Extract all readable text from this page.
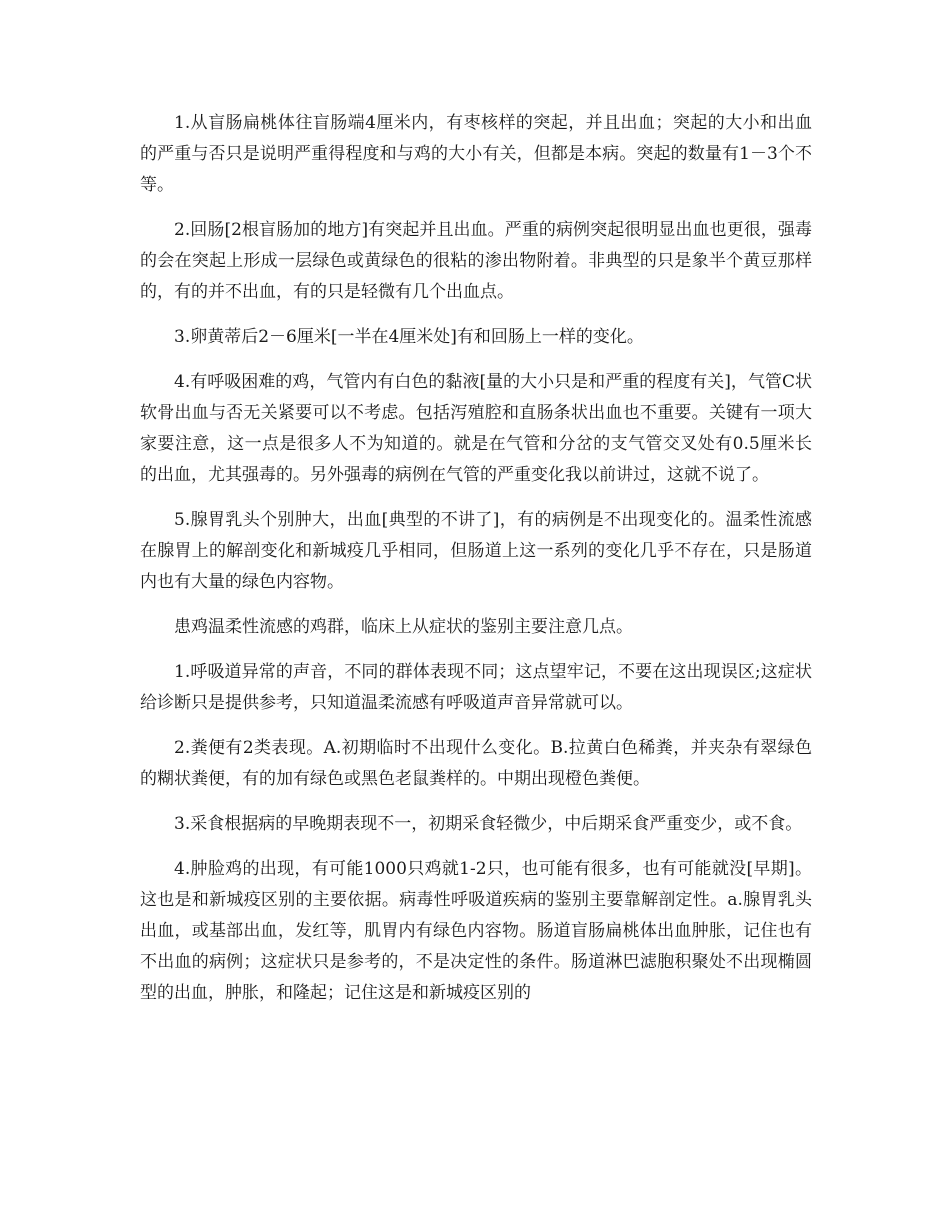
1.从盲肠扁桃体往盲肠端4厘米内，有枣核样的突起，并且出血；突起的大小和出血的严重与否只是说明严重得程度和与鸡的大小有关，但都是本病。突起的数量有1－3个不等。

2.回肠[2根盲肠加的地方]有突起并且出血。严重的病例突起很明显出血也更很，强毒的会在突起上形成一层绿色或黄绿色的很粘的渗出物附着。非典型的只是象半个黄豆那样的，有的并不出血，有的只是轻微有几个出血点。

3.卵黄蒂后2－6厘米[一半在4厘米处]有和回肠上一样的变化。

4.有呼吸困难的鸡，气管内有白色的黏液[量的大小只是和严重的程度有关]，气管C状软骨出血与否无关紧要可以不考虑。包括泻殖腔和直肠条状出血也不重要。关键有一项大家要注意，这一点是很多人不为知道的。就是在气管和分岔的支气管交叉处有0.5厘米长的出血，尤其强毒的。另外强毒的病例在气管的严重变化我以前讲过，这就不说了。

5.腺胃乳头个别肿大，出血[典型的不讲了]，有的病例是不出现变化的。温柔性流感在腺胃上的解剖变化和新城疫几乎相同，但肠道上这一系列的变化几乎不存在，只是肠道内也有大量的绿色内容物。

患鸡温柔性流感的鸡群，临床上从症状的鉴别主要注意几点。

1.呼吸道异常的声音，不同的群体表现不同；这点望牢记，不要在这出现误区;这症状给诊断只是提供参考，只知道温柔流感有呼吸道声音异常就可以。

2.粪便有2类表现。A.初期临时不出现什么变化。B.拉黄白色稀粪，并夹杂有翠绿色的糊状粪便，有的加有绿色或黑色老鼠粪样的。中期出现橙色粪便。

3.采食根据病的早晚期表现不一，初期采食轻微少，中后期采食严重变少，或不食。

4.肿脸鸡的出现，有可能1000只鸡就1-2只，也可能有很多，也有可能就没[早期]。这也是和新城疫区别的主要依据。病毒性呼吸道疾病的鉴别主要靠解剖定性。a.腺胃乳头出血，或基部出血，发红等，肌胃内有绿色内容物。肠道盲肠扁桃体出血肿胀，记住也有不出血的病例；这症状只是参考的，不是决定性的条件。肠道淋巴滤胞积聚处不出现椭圆型的出血，肿胀，和隆起；记住这是和新城疫区别的
